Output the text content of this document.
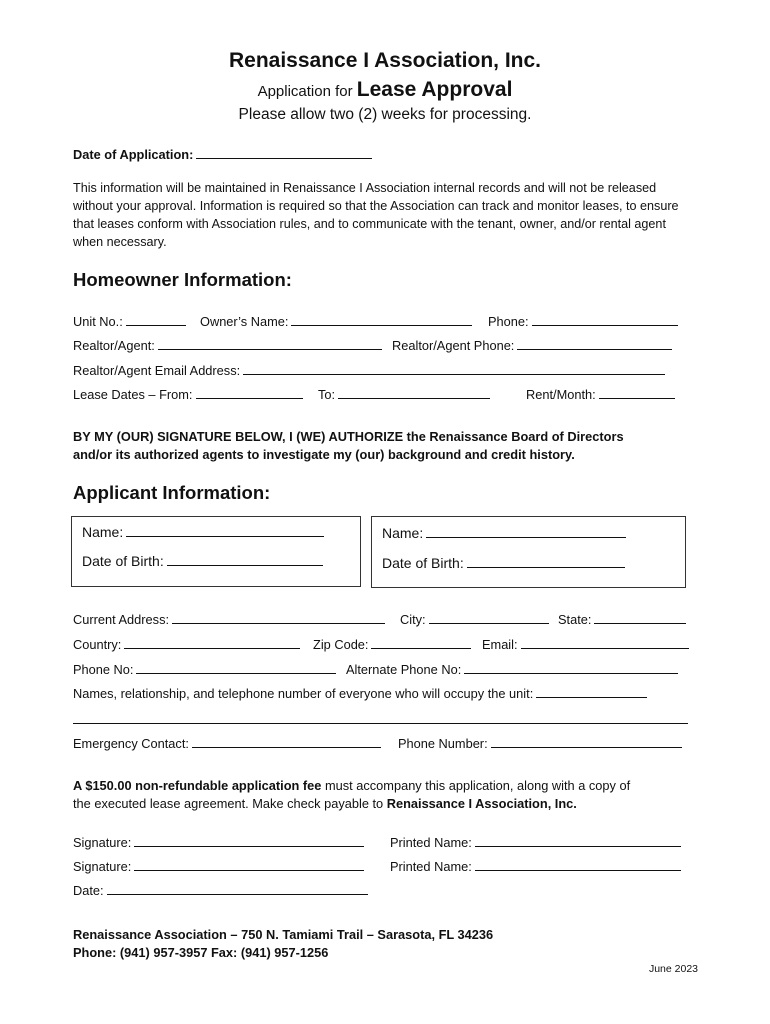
Renaissance I Association, Inc.
Application for Lease Approval
Please allow two (2) weeks for processing.
Date of Application:
This information will be maintained in Renaissance I Association internal records and will not be released without your approval. Information is required so that the Association can track and monitor leases, to ensure that leases conform with Association rules, and to communicate with the tenant, owner, and/or rental agent when necessary.
Homeowner Information:
Unit No.:	Owner’s Name:	Phone:
Realtor/Agent:	Realtor/Agent Phone:
Realtor/Agent Email Address:
Lease Dates – From:	To:	Rent/Month:
BY MY (OUR) SIGNATURE BELOW, I (WE) AUTHORIZE the Renaissance Board of Directors
and/or its authorized agents to investigate my (our) background and credit history.
Applicant Information:
Name:
Date of Birth:
Name:
Date of Birth:
Current Address:	City:	State:
Country:	Zip Code:	Email:
Phone No:	Alternate Phone No:
Names, relationship, and telephone number of everyone who will occupy the unit:
Emergency Contact:	Phone Number:
A $150.00 non-refundable application fee must accompany this application, along with a copy of
the executed lease agreement. Make check payable to Renaissance I Association, Inc.
Signature:	Printed Name:
Signature:	Printed Name:
Date:
Renaissance Association – 750 N. Tamiami Trail – Sarasota, FL 34236
Phone: (941) 957-3957 Fax: (941) 957-1256
June 2023
